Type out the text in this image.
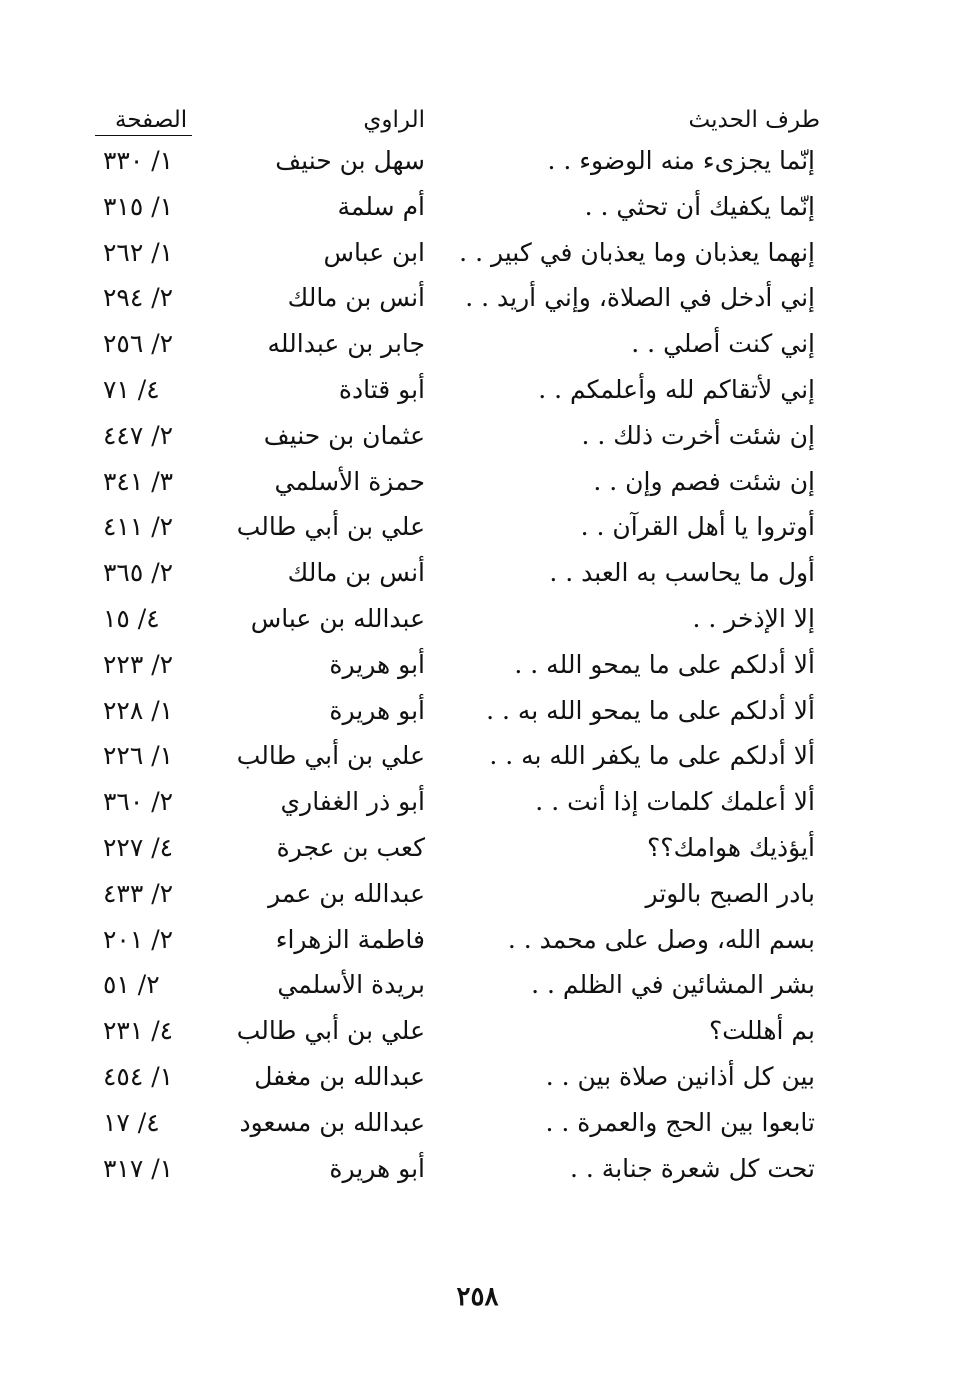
طرف الحديث
الراوي
الصفحة
إنّما يجزىء منه الوضوء . .
سهل بن حنيف
١/ ٣٣٠
إنّما يكفيك أن تحثي . .
أم سلمة
١/ ٣١٥
إنهما يعذبان وما يعذبان في كبير . .
ابن عباس
١/ ٢٦٢
إني أدخل في الصلاة، وإني أريد . .
أنس بن مالك
٢/ ٢٩٤
إني كنت أصلي . .
جابر بن عبدالله
٢/ ٢٥٦
إني لأتقاكم لله وأعلمكم . .
أبو قتادة
٤/ ٧١
إن شئت أخرت ذلك . .
عثمان بن حنيف
٢/ ٤٤٧
إن شئت فصم وإن . .
حمزة الأسلمي
٣/ ٣٤١
أوتروا يا أهل القرآن . .
علي بن أبي طالب
٢/ ٤١١
أول ما يحاسب به العبد . .
أنس بن مالك
٢/ ٣٦٥
إلا الإذخر . .
عبدالله بن عباس
٤/ ١٥
ألا أدلكم على ما يمحو الله . .
أبو هريرة
٢/ ٢٢٣
ألا أدلكم على ما يمحو الله به . .
أبو هريرة
١/ ٢٢٨
ألا أدلكم على ما يكفر الله به . .
علي بن أبي طالب
١/ ٢٢٦
ألا أعلمك كلمات إذا أنت . .
أبو ذر الغفاري
٢/ ٣٦٠
أيؤذيك هوامك؟؟
كعب بن عجرة
٤/ ٢٢٧
بادر الصبح بالوتر
عبدالله بن عمر
٢/ ٤٣٣
بسم الله، وصل على محمد . .
فاطمة الزهراء
٢/ ٢٠١
بشر المشائين في الظلم . .
بريدة الأسلمي
٢/ ٥١
بم أهللت؟
علي بن أبي طالب
٤/ ٢٣١
بين كل أذانين صلاة بين . .
عبدالله بن مغفل
١/ ٤٥٤
تابعوا بين الحج والعمرة . .
عبدالله بن مسعود
٤/ ١٧
تحت كل شعرة جنابة . .
أبو هريرة
١/ ٣١٧
٢٥٨
